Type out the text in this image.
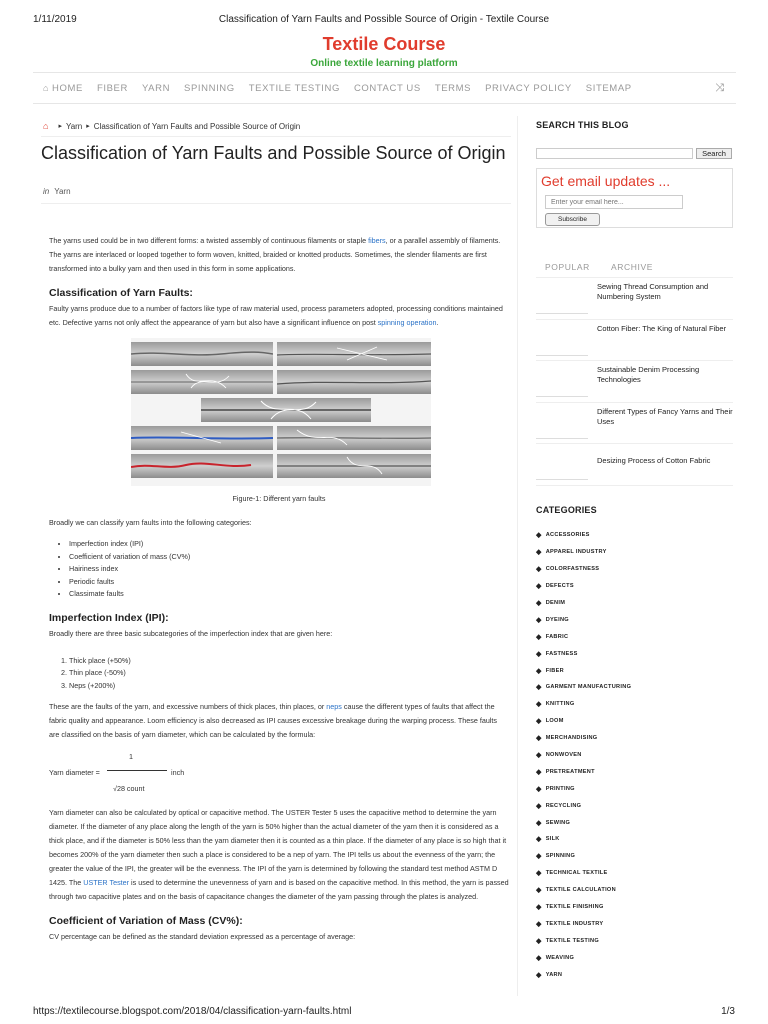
1/11/2019	Classification of Yarn Faults and Possible Source of Origin - Textile Course
Textile Course
Online textile learning platform
⌂ HOME FIBER YARN SPINNING TEXTILE TESTING CONTACT US TERMS PRIVACY POLICY SITEMAP	⤨
⌂ ▸ Yarn ▸ Classification of Yarn Faults and Possible Source of Origin
Classification of Yarn Faults and Possible Source of Origin
in Yarn

The yarns used could be in two different forms: a twisted assembly of continuous filaments or staple fibers, or a parallel assembly of filaments. The yarns are interlaced or looped together to form woven, knitted, braided or knotted products. Sometimes, the slender filaments are first transformed into a bulky yarn and then used in this form in some applications.

Classification of Yarn Faults:

Faulty yarns produce due to a number of factors like type of raw material used, process parameters adopted, processing conditions maintained etc. Defective yarns not only affect the appearance of yarn but also have a significant influence on post spinning operation.

Figure-1: Different yarn faults

Broadly we can classify yarn faults into the following categories:

• Imperfection index (IPI)
• Coefficient of variation of mass (CV%)
• Hairiness index
• Periodic faults
• Classimate faults
Imperfection Index (IPI):

Broadly there are three basic subcategories of the imperfection index that are given here:

1. Thick place (+50%)
2. Thin place (-50%)
3. Neps (+200%)

These are the faults of the yarn, and excessive numbers of thick places, thin places, or neps cause the different types of faults that affect the fabric quality and appearance. Loom efficiency is also decreased as IPI causes excessive breakage during the warping process. These faults are classified on the basis of yarn diameter, which can be calculated by the formula:

1
Yarn diameter =	inch
√28 count

Yarn diameter can also be calculated by optical or capacitive method. The USTER Tester 5 uses the capacitive method to determine the yarn diameter. If the diameter of any place along the length of the yarn is 50% higher than the actual diameter of the yarn then it is considered as a thick place, and if the diameter is 50% less than the yarn diameter then it is counted as a thin place. If the diameter of any place is so high that it becomes 200% of the yarn diameter then such a place is considered to be a nep of yarn. The IPI tells us about the evenness of the yarn; the greater the value of the IPI, the greater will be the evenness. The IPI of the yarn is determined by following the standard test method ASTM D 1425. The USTER Tester is used to determine the unevenness of yarn and is based on the capacitive method. In this method, the yarn is passed through two capacitive plates and on the basis of capacitance changes the diameter of the yarn passing through the plates is analyzed.

Coefficient of Variation of Mass (CV%):

CV percentage can be defined as the standard deviation expressed as a percentage of average:

SEARCH THIS BLOG
Search
Get email updates ...
Enter your email here...
Subscribe
POPULAR ARCHIVE
Sewing Thread Consumption and Numbering System
Cotton Fiber: The King of Natural Fiber
Sustainable Denim Processing Technologies
Different Types of Fancy Yarns and Their Uses
Desizing Process of Cotton Fabric
CATEGORIES
◆ ACCESSORIES
◆ APPAREL INDUSTRY
◆ COLORFASTNESS
◆ DEFECTS
◆ DENIM
◆ DYEING
◆ FABRIC
◆ FASTNESS
◆ FIBER
◆ GARMENT MANUFACTURING
◆ KNITTING
◆ LOOM
◆ MERCHANDISING
◆ NONWOVEN
◆ PRETREATMENT
◆ PRINTING
◆ RECYCLING
◆ SEWING
◆ SILK
◆ SPINNING
◆ TECHNICAL TEXTILE
◆ TEXTILE CALCULATION
◆ TEXTILE FINISHING
◆ TEXTILE INDUSTRY
◆ TEXTILE TESTING
◆ WEAVING
◆ YARN
https://textilecourse.blogspot.com/2018/04/classification-yarn-faults.html	1/3
